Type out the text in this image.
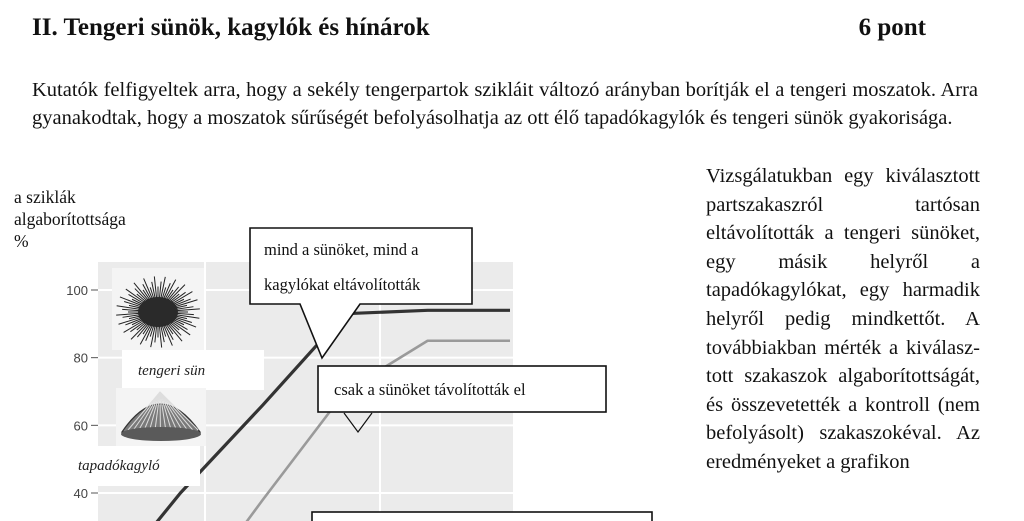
II. Tengeri sünök, kagylók és hínárok	6 pont
Kutatók felfigyeltek arra, hogy a sekély tengerpartok szikláit változó arányban borítják el a tengeri moszatok. Arra gyanakodtak, hogy a moszatok sűrűségét befolyásolhatja az ott élő tapadókagylók és tengeri sünök gyakorisága.
a sziklák
algaborítottsága
%
40
60
80
100
tengeri sün
tapadókagyló
mind a sünöket, mind a
kagylókat eltávolították
csak a sünöket távolították el
Vizsgálatukban egy kiválasztott partszakaszról tartósan eltávolították a tengeri sünöket, egy másik helyről a tapadókagylókat, egy harmadik helyről pedig mindkettőt. A továbbiakban mérték a kiválasztott szakaszok algaborítottságát, és összevetették a kontroll (nem befolyásolt) szakaszokéval. Az eredményeket a grafikon
